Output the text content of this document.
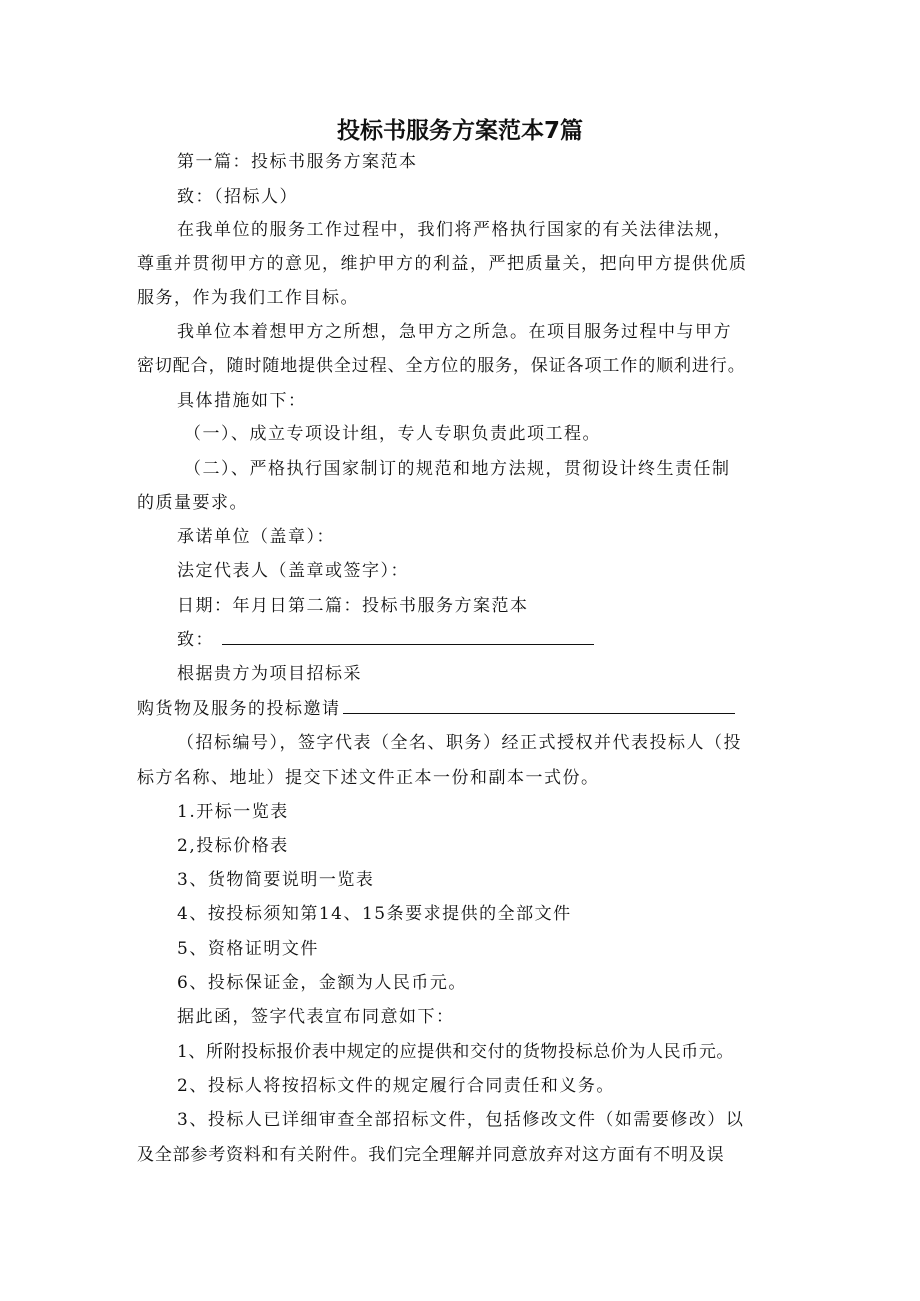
投标书服务方案范本7篇
第一篇：投标书服务方案范本
致：（招标人）
在我单位的服务工作过程中，我们将严格执行国家的有关法律法规，
尊重并贯彻甲方的意见，维护甲方的利益，严把质量关，把向甲方提供优质
服务，作为我们工作目标。
我单位本着想甲方之所想，急甲方之所急。在项目服务过程中与甲方
密切配合，随时随地提供全过程、全方位的服务，保证各项工作的顺利进行。
具体措施如下：
（一）、成立专项设计组，专人专职负责此项工程。
（二）、严格执行国家制订的规范和地方法规，贯彻设计终生责任制
的质量要求。
承诺单位（盖章）：
法定代表人（盖章或签字）：
日期：年月日第二篇：投标书服务方案范本
致：
根据贵方为项目招标采
购货物及服务的投标邀请
（招标编号），签字代表（全名、职务）经正式授权并代表投标人（投
标方名称、地址）提交下述文件正本一份和副本一式份。
1.开标一览表
2,投标价格表
3、货物简要说明一览表
4、按投标须知第14、15条要求提供的全部文件
5、资格证明文件
6、投标保证金，金额为人民币元。
据此函，签字代表宣布同意如下：
1、所附投标报价表中规定的应提供和交付的货物投标总价为人民币元。
2、投标人将按招标文件的规定履行合同责任和义务。
3、投标人已详细审查全部招标文件，包括修改文件（如需要修改）以
及全部参考资料和有关附件。我们完全理解并同意放弃对这方面有不明及误
